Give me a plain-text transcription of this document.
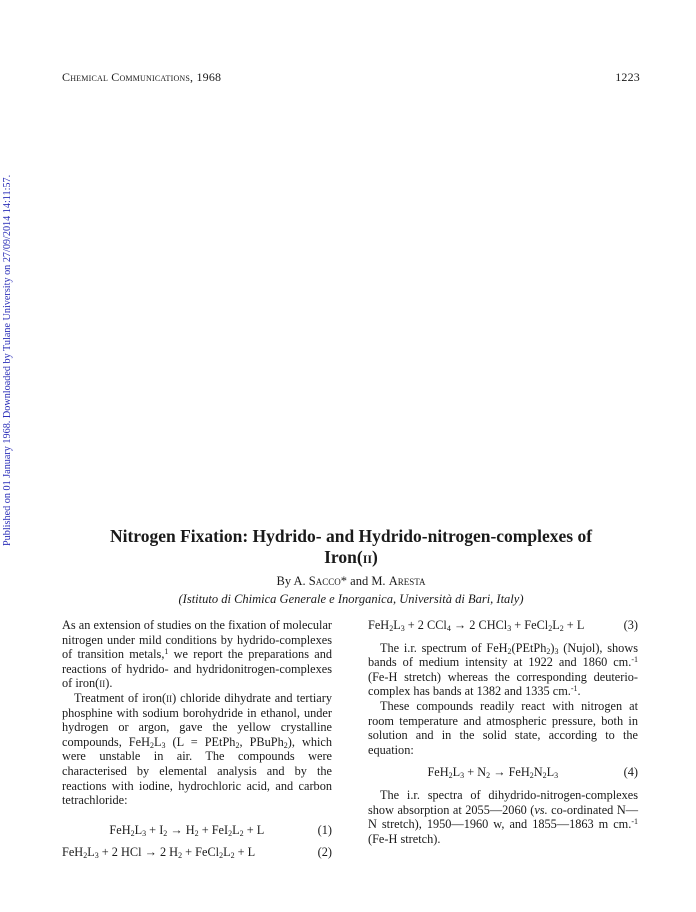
Chemical Communications, 1968	1223
Published on 01 January 1968. Downloaded by Tulane University on 27/09/2014 14:11:57.	Nitrogen Fixation: Hydrido- and Hydrido-nitrogen-complexes of
Iron(ii)
By A. Sacco* and M. Aresta
(Istituto di Chimica Generale e Inorganica, Università di Bari, Italy)

As an extension of studies on the fixation of molecular nitrogen under mild conditions by hydrido-complexes of transition metals,$^1$ we report the preparations and reactions of hydrido- and hydridonitrogen-complexes of iron(ii).

Treatment of iron(ii) chloride dihydrate and tertiary phosphine with sodium borohydride in ethanol, under hydrogen or argon, gave the yellow crystalline compounds, $FeH_2L_3$ (L = PEtPh$_2$, PBuPh$_2$), which were unstable in air. The compounds were characterised by elemental analysis and by the reactions with iodine, hydrochloric acid, and carbon tetrachloride:

$FeH_2L_3 + I_2 \to H_2 + FeI_2L_2 + L$	(1)
$FeH_2L_3 + 2$ HCl → 2 $H_2$ + $FeCl_2L_2 + L$	(2)
$FeH_2L_3 + 2$ CCl$_4$ → 2 CHCl$_3$ + $FeCl_2L_2 + L$	(3)

The i.r. spectrum of $FeH_2(PEtPh_2)_3$ (Nujol), shows bands of medium intensity at 1922 and 1860 cm.$^{-1}$ (Fe-H stretch) whereas the corresponding deuterio-complex has bands at 1382 and 1335 cm.$^{-1}$.

These compounds readily react with nitrogen at room temperature and atmospheric pressure, both in solution and in the solid state, according to the equation:

$FeH_2L_3 + N_2 \to FeH_2N_2L_3$	(4)

The i.r. spectra of dihydrido-nitrogen-complexes show absorption at 2055—2060 (vs. co-ordinated N—N stretch), 1950—1960 w, and 1855—1863 m cm.$^{-1}$ (Fe-H stretch).
